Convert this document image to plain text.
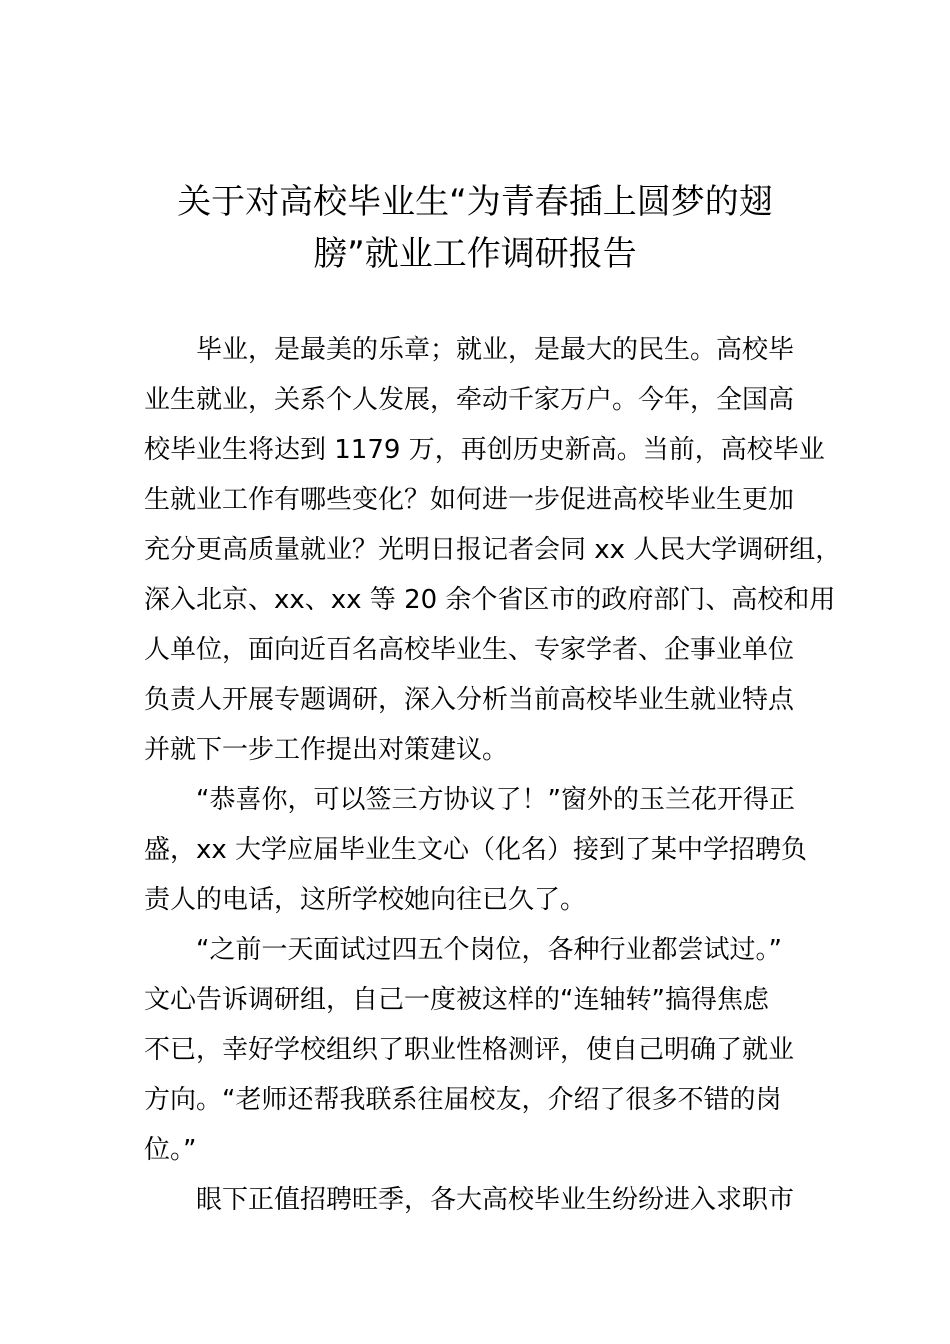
关于对高校毕业生“为青春插上圆梦的翅
膀”就业工作调研报告

毕业，是最美的乐章；就业，是最大的民生。高校毕

业生就业，关系个人发展，牵动千家万户。今年，全国高

校毕业生将达到 1179 万，再创历史新高。当前，高校毕业

生就业工作有哪些变化？如何进一步促进高校毕业生更加

充分更高质量就业？光明日报记者会同 xx 人民大学调研组，

深入北京、xx、xx 等 20 余个省区市的政府部门、高校和用

人单位，面向近百名高校毕业生、专家学者、企事业单位

负责人开展专题调研，深入分析当前高校毕业生就业特点

并就下一步工作提出对策建议。

“恭喜你，可以签三方协议了！”窗外的玉兰花开得正

盛，xx 大学应届毕业生文心（化名）接到了某中学招聘负

责人的电话，这所学校她向往已久了。

“之前一天面试过四五个岗位，各种行业都尝试过。”

文心告诉调研组，自己一度被这样的“连轴转”搞得焦虑

不已，幸好学校组织了职业性格测评，使自己明确了就业

方向。“老师还帮我联系往届校友，介绍了很多不错的岗

位。”

眼下正值招聘旺季，各大高校毕业生纷纷进入求职市
